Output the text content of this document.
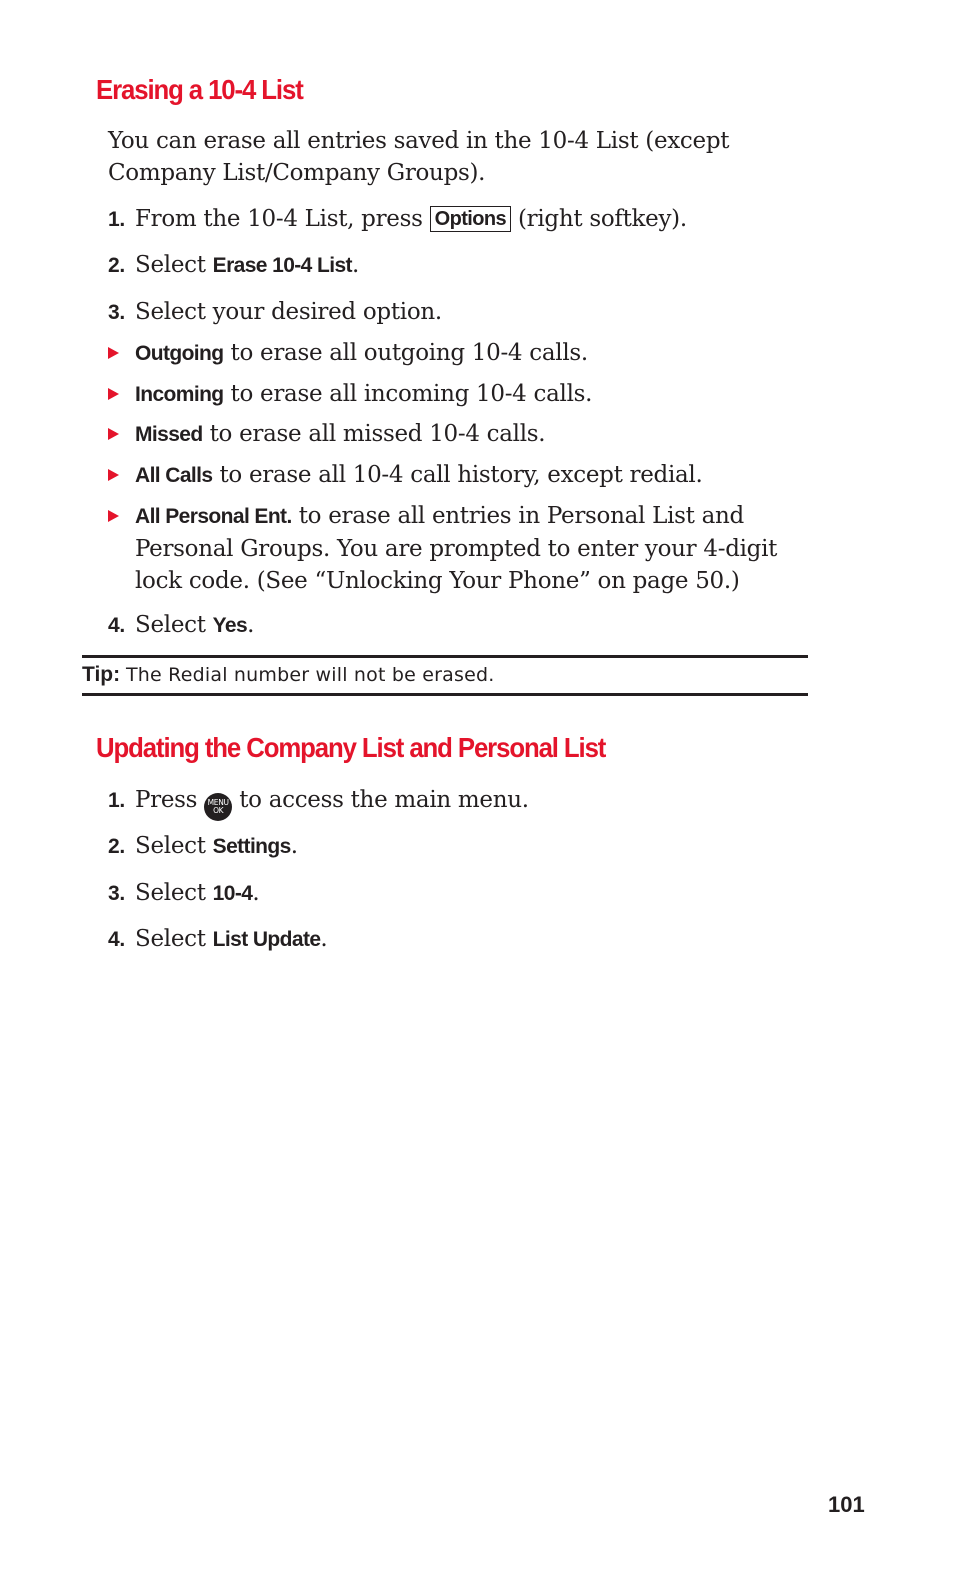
Erasing a 10-4 List

You can erase all entries saved in the 10-4 List (except Company List/Company Groups).

1. From the 10-4 List, press Options (right softkey).
2. Select Erase 10-4 List.
3. Select your desired option.
Outgoing to erase all outgoing 10-4 calls.
Incoming to erase all incoming 10-4 calls.
Missed to erase all missed 10-4 calls.
All Calls to erase all 10-4 call history, except redial.
All Personal Ent. to erase all entries in Personal List and Personal Groups. You are prompted to enter your 4-digit lock code. (See “Unlocking Your Phone” on page 50.)
4. Select Yes.
Tip: The Redial number will not be erased.
Updating the Company List and Personal List
1. Press MENU
OK to access the main menu.
2. Select Settings.
3. Select 10-4.
4. Select List Update.
101
